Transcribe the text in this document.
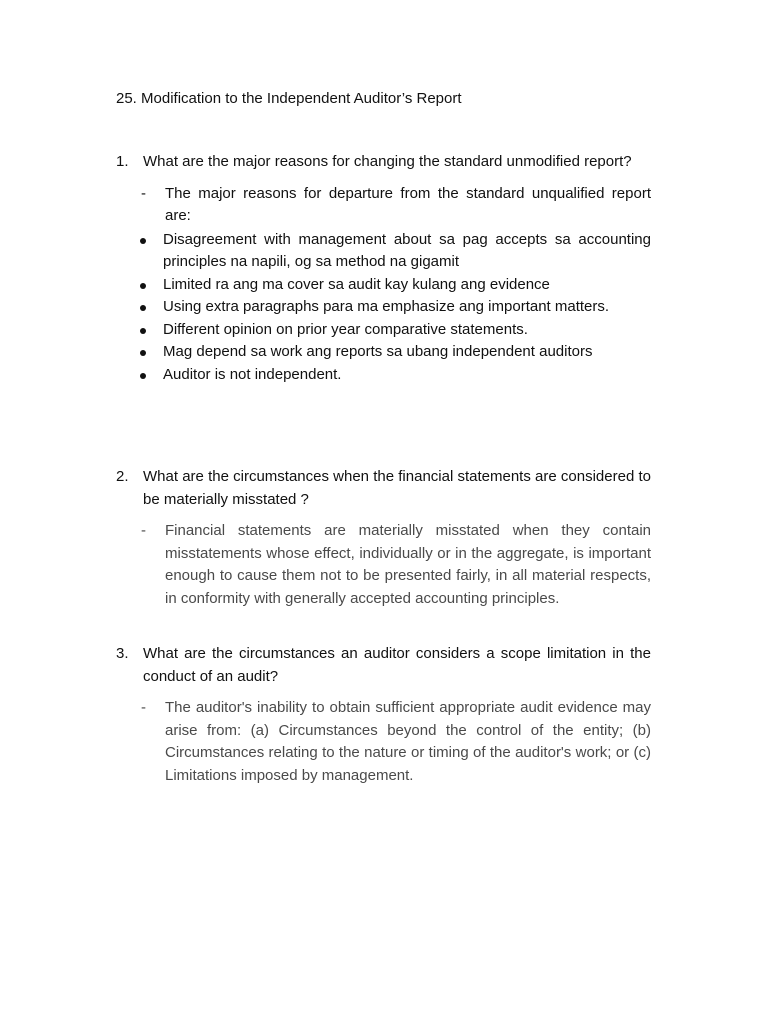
25. Modification to the Independent Auditor’s Report
1. What are the major reasons for changing the standard unmodified report?
- The major reasons for departure from the standard unqualified report are:
Disagreement with management about sa pag accepts sa accounting principles na napili, og sa method na gigamit
Limited ra ang ma cover sa audit kay kulang ang evidence
Using extra paragraphs para ma emphasize ang important matters.
Different opinion on prior year comparative statements.
Mag depend sa work ang reports sa ubang independent auditors
Auditor is not independent.
2. What are the circumstances when the financial statements are considered to be materially misstated ?
- Financial statements are materially misstated when they contain misstatements whose effect, individually or in the aggregate, is important enough to cause them not to be presented fairly, in all material respects, in conformity with generally accepted accounting principles.
3. What are the circumstances an auditor considers a scope limitation in the conduct of an audit?
- The auditor's inability to obtain sufficient appropriate audit evidence may arise from: (a) Circumstances beyond the control of the entity; (b) Circumstances relating to the nature or timing of the auditor's work; or (c) Limitations imposed by management.
